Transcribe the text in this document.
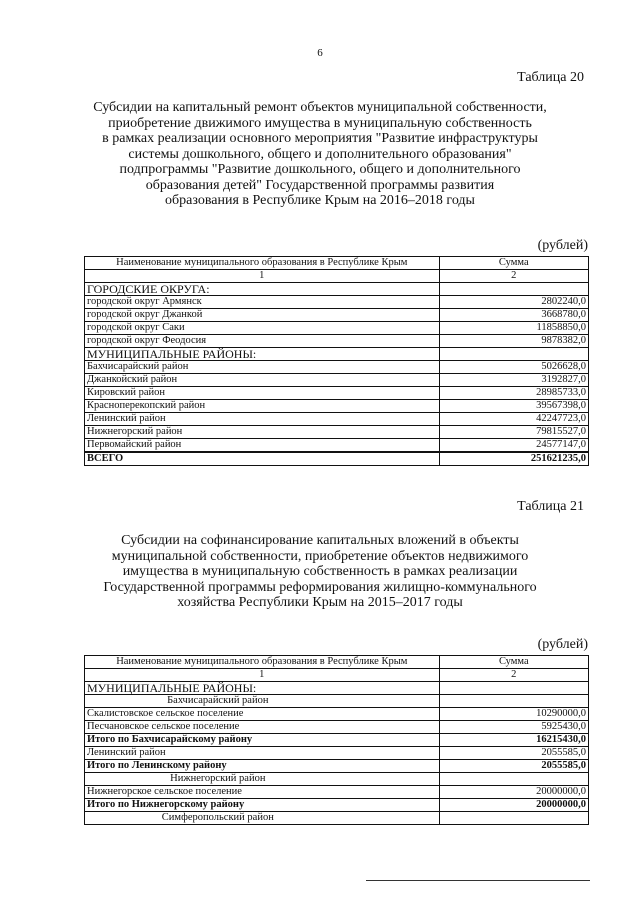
6
Таблица 20
Субсидии на капитальный ремонт объектов муниципальной собственности,
приобретение движимого имущества в муниципальную собственность
в рамках реализации основного мероприятия "Развитие инфраструктуры
системы дошкольного, общего и дополнительного образования"
подпрограммы "Развитие дошкольного, общего и дополнительного
образования детей" Государственной программы развития
образования в Республике Крым на 2016–2018 годы
(рублей)
Наименование муниципального образования в Республике Крым	Сумма
1	2
ГОРОДСКИЕ ОКРУГА:	
городской округ Армянск	2802240,0
городской округ Джанкой	3668780,0
городской округ Саки	11858850,0
городской округ Феодосия	9878382,0
МУНИЦИПАЛЬНЫЕ РАЙОНЫ:	
Бахчисарайский район	5026628,0
Джанкойский район	3192827,0
Кировский район	28985733,0
Красноперекопский район	39567398,0
Ленинский район	42247723,0
Нижнегорский район	79815527,0
Первомайский район	24577147,0
ВСЕГО	251621235,0
Таблица 21
Субсидии на софинансирование капитальных вложений в объекты
муниципальной собственности, приобретение объектов недвижимого
имущества в муниципальную собственность в рамках реализации
Государственной программы реформирования жилищно-коммунального
хозяйства Республики Крым на 2015–2017 годы
(рублей)
Наименование муниципального образования в Республике Крым	Сумма
1	2
МУНИЦИПАЛЬНЫЕ РАЙОНЫ:	
Бахчисарайский район	
Скалистовское сельское поселение	10290000,0
Песчановское сельское поселение	5925430,0
Итого по Бахчисарайскому району	16215430,0
Ленинский район	2055585,0
Итого по Ленинскому району	2055585,0
Нижнегорский район	
Нижнегорское сельское поселение	20000000,0
Итого по Нижнегорскому району	20000000,0
Симферопольский район	
